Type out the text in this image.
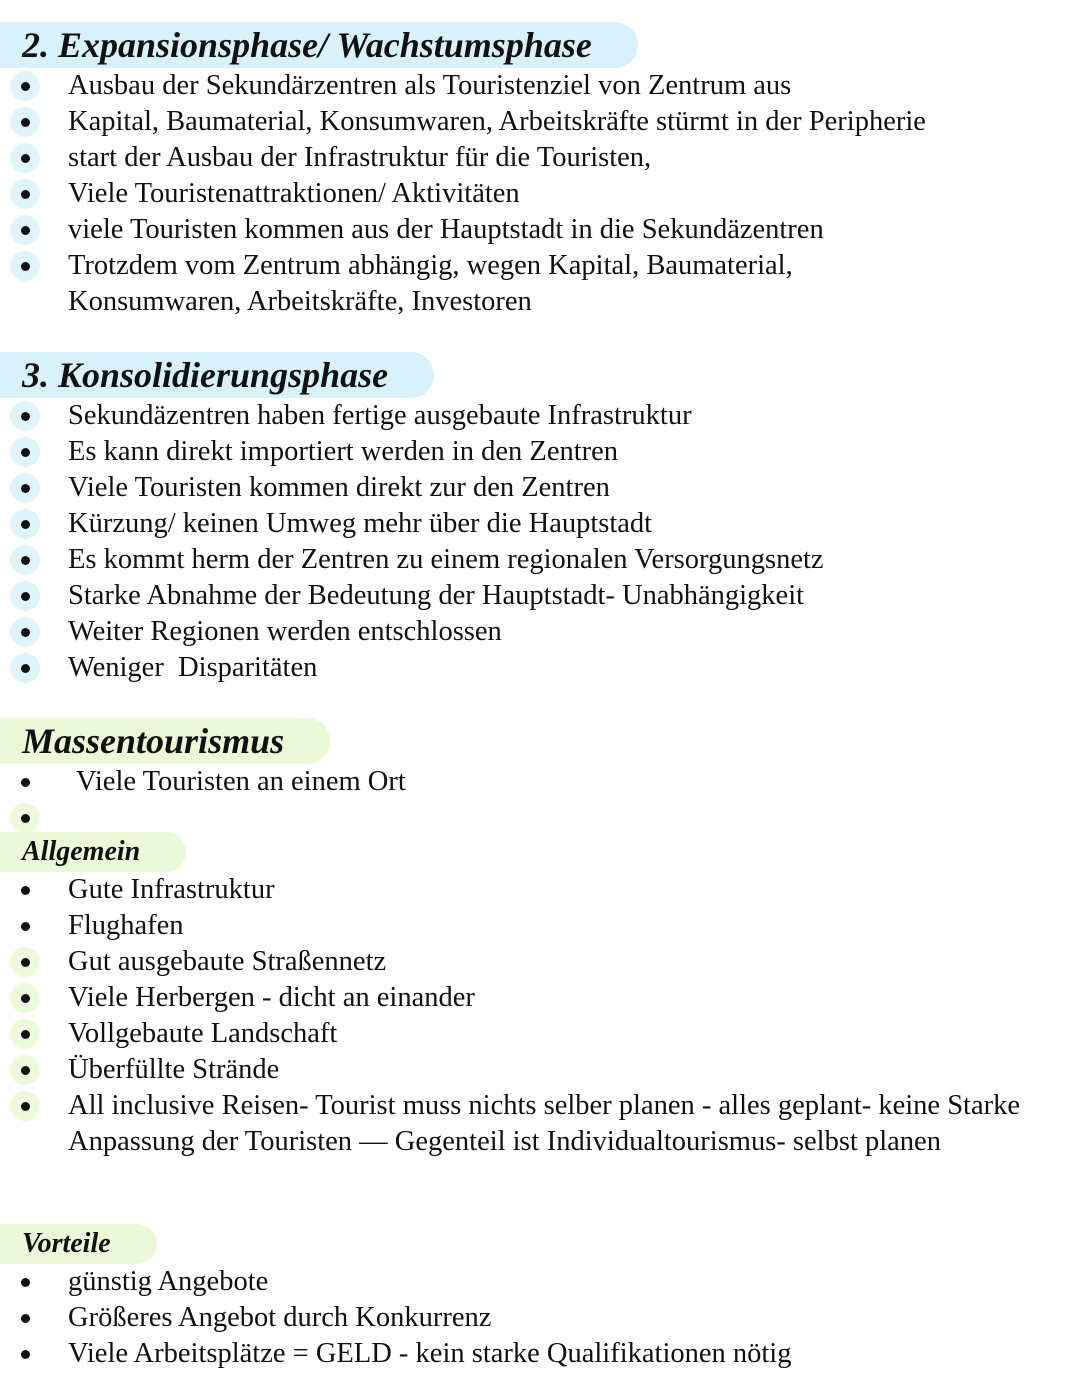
2. Expansionsphase/ Wachstumsphase
Ausbau der Sekundärzentren als Touristenziel von Zentrum aus
Kapital, Baumaterial, Konsumwaren, Arbeitskräfte stürmt in der Peripherie
start der Ausbau der Infrastruktur für die Touristen,
Viele Touristenattraktionen/ Aktivitäten
viele Touristen kommen aus der Hauptstadt in die Sekundäzentren
Trotzdem vom Zentrum abhängig, wegen Kapital, Baumaterial, Konsumwaren, Arbeitskräfte, Investoren
3. Konsolidierungsphase
Sekundäzentren haben fertige ausgebaute Infrastruktur
Es kann direkt importiert werden in den Zentren
Viele Touristen kommen direkt zur den Zentren
Kürzung/ keinen Umweg mehr über die Hauptstadt
Es kommt herm der Zentren zu einem regionalen Versorgungsnetz
Starke Abnahme der Bedeutung der Hauptstadt- Unabhängigkeit
Weiter Regionen werden entschlossen
Weniger  Disparitäten
Massentourismus
Viele Touristen an einem Ort
Allgemein
Gute Infrastruktur
Flughafen
Gut ausgebaute Straßennetz
Viele Herbergen - dicht an einander
Vollgebaute Landschaft
Überfüllte Strände
All inclusive Reisen- Tourist muss nichts selber planen - alles geplant- keine Starke Anpassung der Touristen — Gegenteil ist Individualtourismus- selbst planen
Vorteile
günstig Angebote
Größeres Angebot durch Konkurrenz
Viele Arbeitsplätze = GELD - kein starke Qualifikationen nötig
